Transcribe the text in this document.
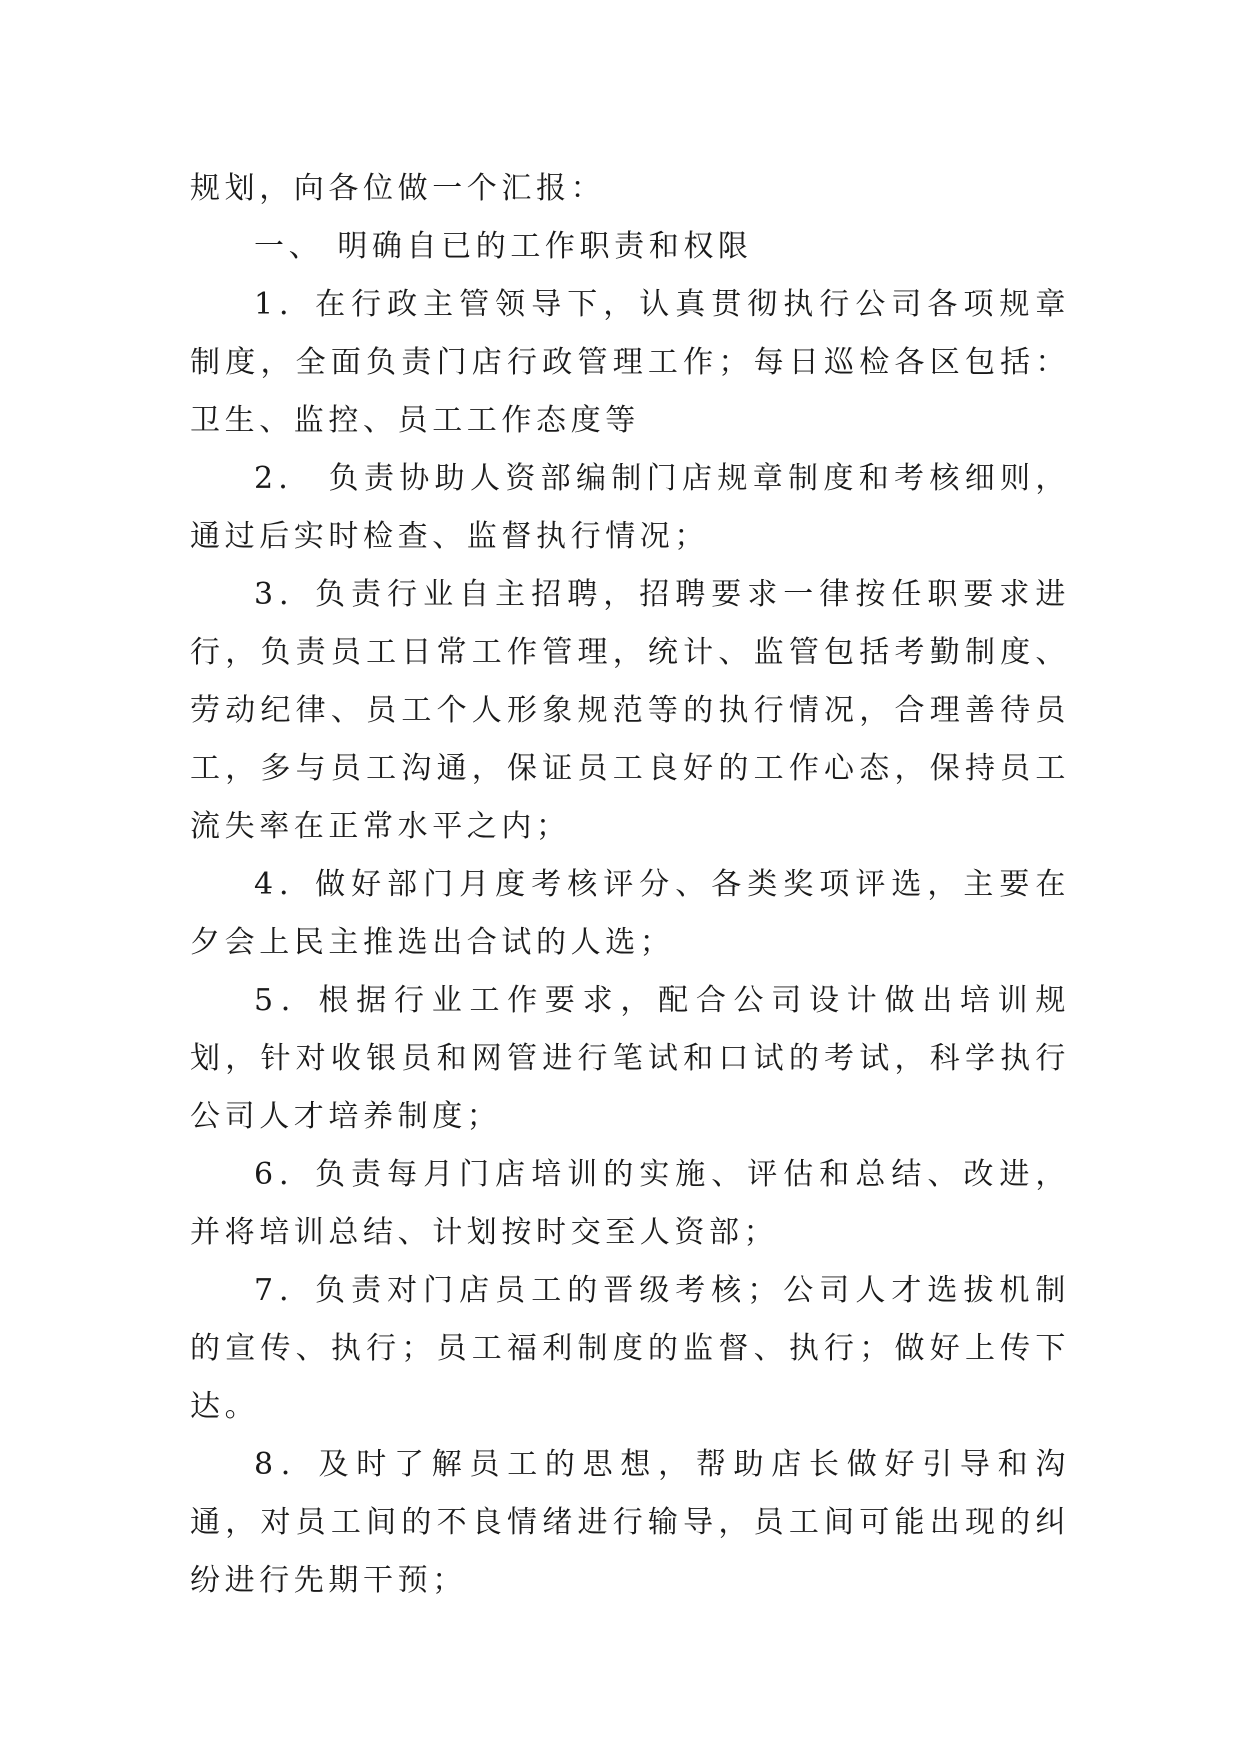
规划，向各位做一个汇报：

一、 明确自已的工作职责和权限

1．在行政主管领导下，认真贯彻执行公司各项规章制度，全面负责门店行政管理工作；每日巡检各区包括：卫生、监控、员工工作态度等

2． 负责协助人资部编制门店规章制度和考核细则，通过后实时检查、监督执行情况；

3．负责行业自主招聘，招聘要求一律按任职要求进行，负责员工日常工作管理，统计、监管包括考勤制度、劳动纪律、员工个人形象规范等的执行情况，合理善待员工，多与员工沟通，保证员工良好的工作心态，保持员工流失率在正常水平之内；

4．做好部门月度考核评分、各类奖项评选，主要在夕会上民主推选出合试的人选；

5．根据行业工作要求，配合公司设计做出培训规划，针对收银员和网管进行笔试和口试的考试，科学执行公司人才培养制度；

6．负责每月门店培训的实施、评估和总结、改进，并将培训总结、计划按时交至人资部；

7．负责对门店员工的晋级考核；公司人才选拔机制的宣传、执行；员工福利制度的监督、执行；做好上传下达。

8．及时了解员工的思想，帮助店长做好引导和沟通，对员工间的不良情绪进行输导，员工间可能出现的纠纷进行先期干预；
